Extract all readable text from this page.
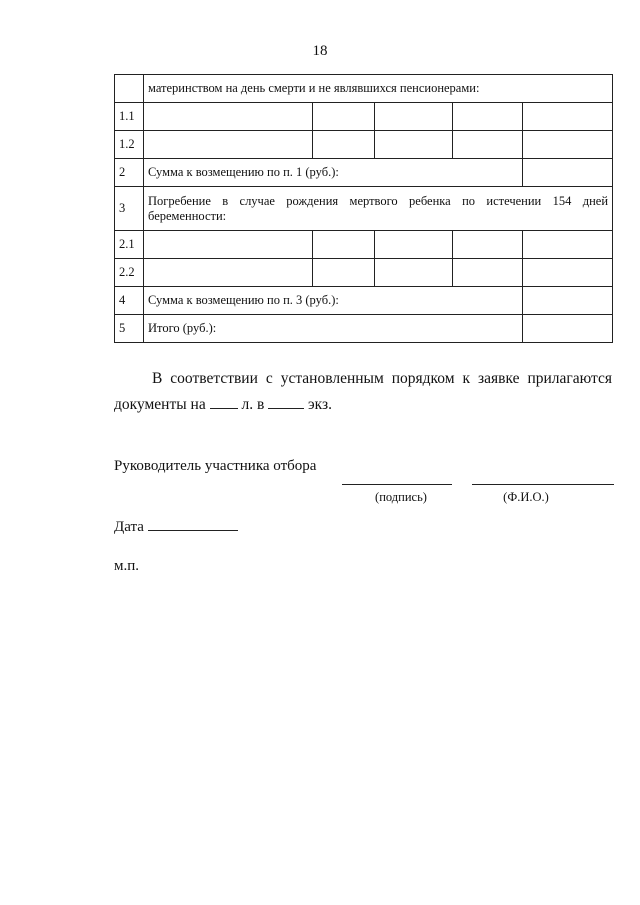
18
	материнством на день смерти и не являвшихся пенсионерами:				
1.1					
1.2					
2	Сумма к возмещению по п. 1 (руб.):				
3	Погребение в случае рождения мертвого ребенка по истечении 154 дней беременности:				
2.1					
2.2					
4	Сумма к возмещению по п. 3 (руб.):				
5	Итого (руб.):				
В соответствии с установленным порядком к заявке прилагаются документы на л. в	экз.
Руководитель участника отбора
(подпись)	(Ф.И.О.)
Дата
м.п.
